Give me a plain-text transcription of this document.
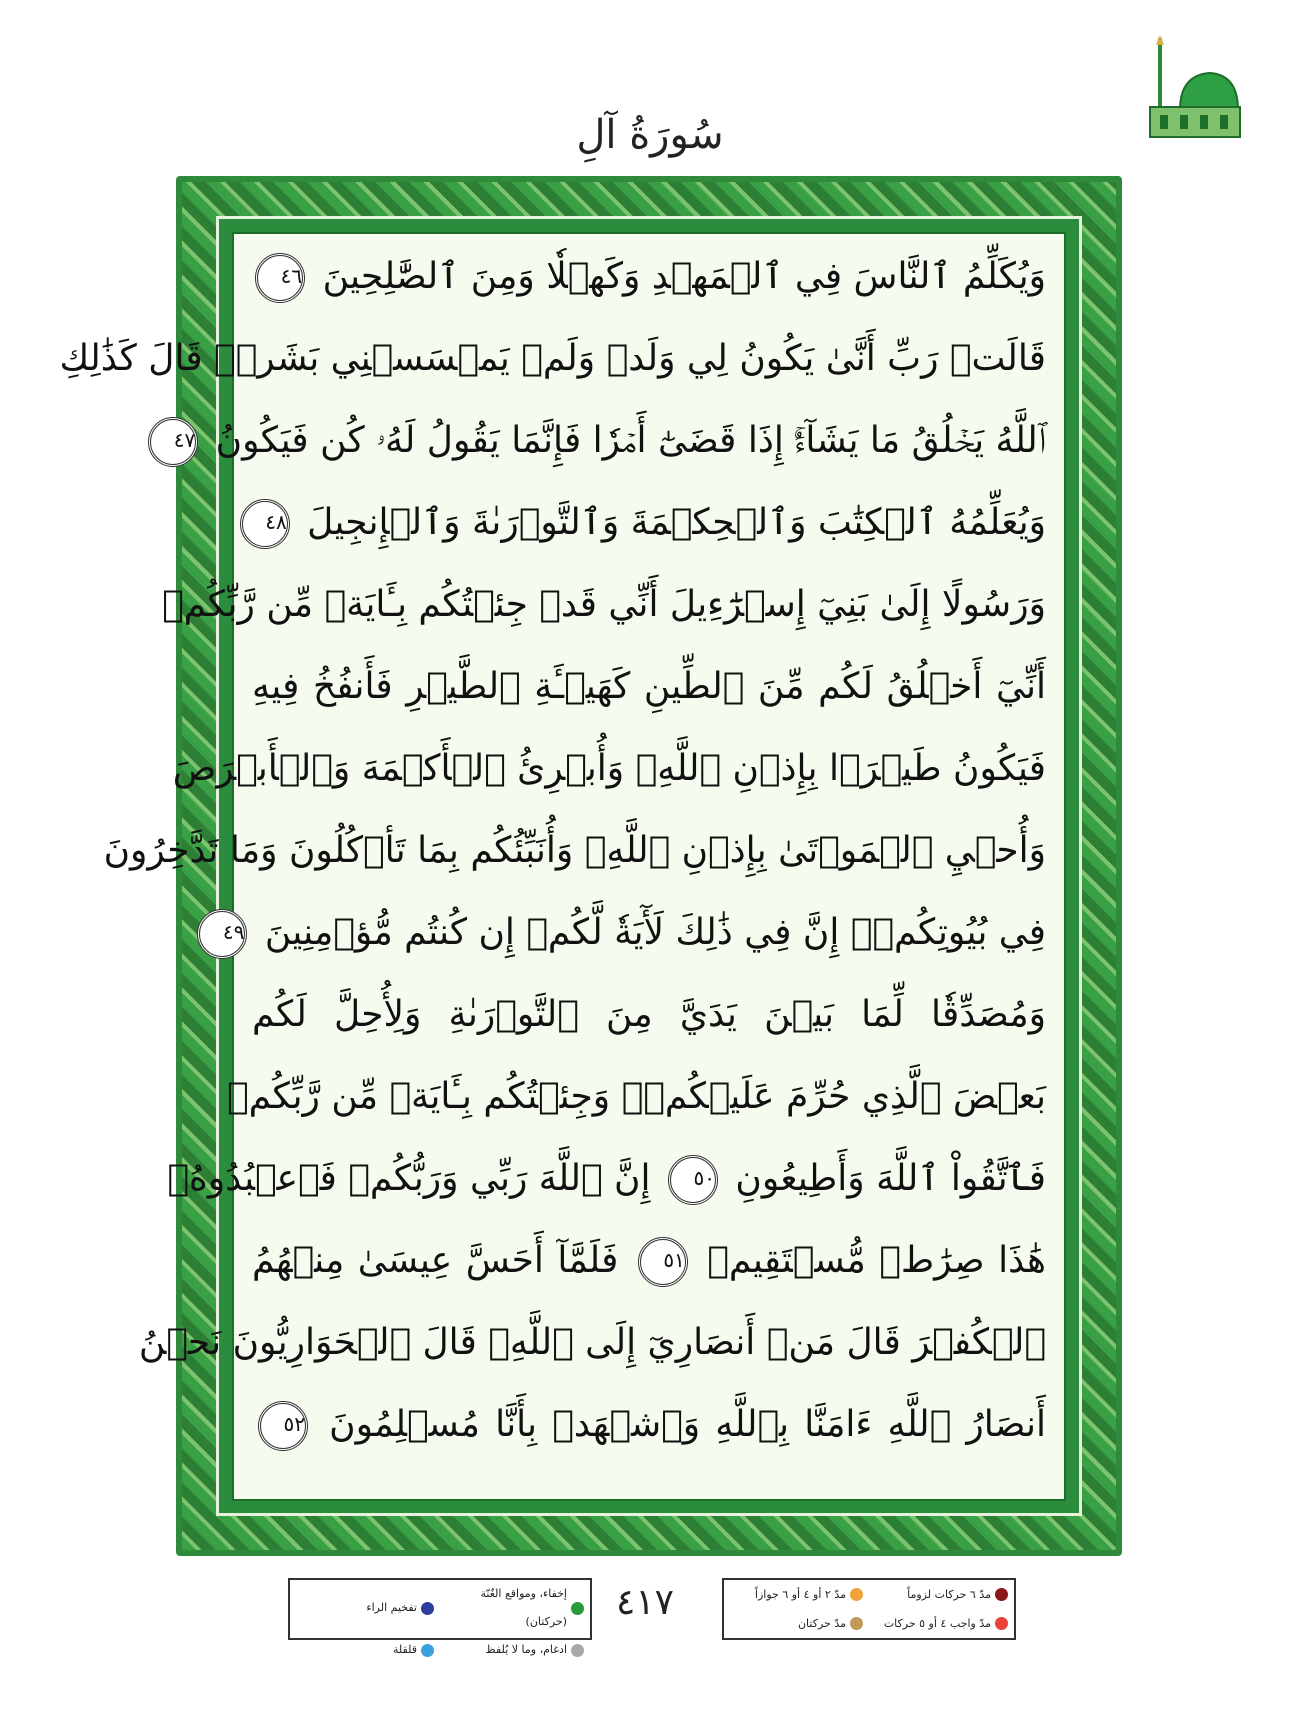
سُورَةُ آلِ
وَيُكَلِّمُ ٱلنَّاسَ فِي ٱلۡمَهۡدِ وَكَهۡلٗا وَمِنَ ٱلصَّٰلِحِينَ ٤٦
قَالَتۡ رَبِّ أَنَّىٰ يَكُونُ لِي وَلَدٞ وَلَمۡ يَمۡسَسۡنِي بَشَرٞۖ قَالَ كَذَٰلِكِ
ٱللَّهُ يَخۡلُقُ مَا يَشَآءُۚ إِذَا قَضَىٰٓ أَمۡرٗا فَإِنَّمَا يَقُولُ لَهُۥ كُن فَيَكُونُ ٤٧
وَيُعَلِّمُهُ ٱلۡكِتَٰبَ وَٱلۡحِكۡمَةَ وَٱلتَّوۡرَىٰةَ وَٱلۡإِنجِيلَ ٤٨
وَرَسُولًا إِلَىٰ بَنِيٓ إِسۡرَٰٓءِيلَ أَنِّي قَدۡ جِئۡتُكُم بِـَٔايَةٖ مِّن رَّبِّكُمۡ
أَنِّيٓ أَخۡلُقُ لَكُم مِّنَ ٱلطِّينِ كَهَيۡـَٔةِ ٱلطَّيۡرِ فَأَنفُخُ فِيهِ
فَيَكُونُ طَيۡرَۢا بِإِذۡنِ ٱللَّهِۖ وَأُبۡرِئُ ٱلۡأَكۡمَهَ وَٱلۡأَبۡرَصَ
وَأُحۡيِ ٱلۡمَوۡتَىٰ بِإِذۡنِ ٱللَّهِۖ وَأُنَبِّئُكُم بِمَا تَأۡكُلُونَ وَمَا تَدَّخِرُونَ
فِي بُيُوتِكُمۡۚ إِنَّ فِي ذَٰلِكَ لَأٓيَةٗ لَّكُمۡ إِن كُنتُم مُّؤۡمِنِينَ ٤٩
وَمُصَدِّقٗا لِّمَا بَيۡنَ يَدَيَّ مِنَ ٱلتَّوۡرَىٰةِ وَلِأُحِلَّ لَكُم
بَعۡضَ ٱلَّذِي حُرِّمَ عَلَيۡكُمۡۚ وَجِئۡتُكُم بِـَٔايَةٖ مِّن رَّبِّكُمۡ
فَٱتَّقُواْ ٱللَّهَ وَأَطِيعُونِ ٥٠ إِنَّ ٱللَّهَ رَبِّي وَرَبُّكُمۡ فَٱعۡبُدُوهُۚ
هَٰذَا صِرَٰطٞ مُّسۡتَقِيمٞ ٥١ فَلَمَّآ أَحَسَّ عِيسَىٰ مِنۡهُمُ
ٱلۡكُفۡرَ قَالَ مَنۡ أَنصَارِيٓ إِلَى ٱللَّهِۖ قَالَ ٱلۡحَوَارِيُّونَ نَحۡنُ
أَنصَارُ ٱللَّهِ ءَامَنَّا بِٱللَّهِ وَٱشۡهَدۡ بِأَنَّا مُسۡلِمُونَ ٥٢
تفخيم الراء
إخفاء، ومواقع الغُنّة (حركتان)
قلقلة	ادغام، وما لا يُلفظ
٤١٧	مدّ ٢ أو ٤ أو ٦ جوازاً	مدّ ٦ حركات لزوماً
مدّ حركتان	مدّ واجب ٤ أو ٥ حركات
